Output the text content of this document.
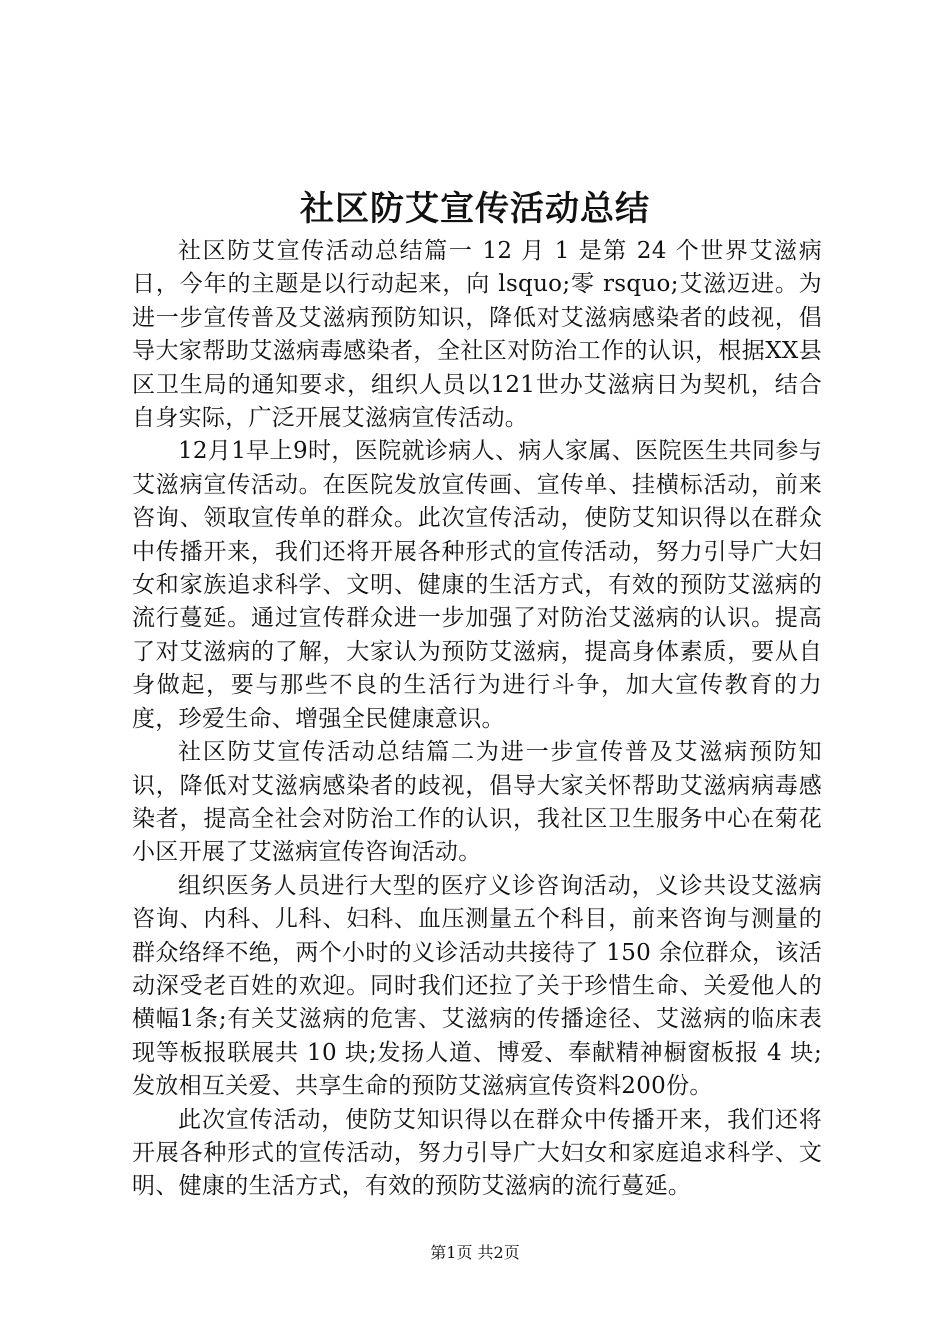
社区防艾宣传活动总结

社区防艾宣传活动总结篇一 12 月 1 是第 24 个世界艾滋病日，今年的主题是以行动起来，向 lsquo;零 rsquo;艾滋迈进。为进一步宣传普及艾滋病预防知识，降低对艾滋病感染者的歧视，倡导大家帮助艾滋病毒感染者，全社区对防治工作的认识，根据XX县区卫生局的通知要求，组织人员以121世办艾滋病日为契机，结合自身实际，广泛开展艾滋病宣传活动。

12月1早上9时，医院就诊病人、病人家属、医院医生共同参与艾滋病宣传活动。在医院发放宣传画、宣传单、挂横标活动，前来咨询、领取宣传单的群众。此次宣传活动，使防艾知识得以在群众中传播开来，我们还将开展各种形式的宣传活动，努力引导广大妇女和家族追求科学、文明、健康的生活方式，有效的预防艾滋病的流行蔓延。通过宣传群众进一步加强了对防治艾滋病的认识。提高了对艾滋病的了解，大家认为预防艾滋病，提高身体素质，要从自身做起，要与那些不良的生活行为进行斗争，加大宣传教育的力度，珍爱生命、增强全民健康意识。

社区防艾宣传活动总结篇二为进一步宣传普及艾滋病预防知识，降低对艾滋病感染者的歧视，倡导大家关怀帮助艾滋病病毒感染者，提高全社会对防治工作的认识，我社区卫生服务中心在菊花小区开展了艾滋病宣传咨询活动。

组织医务人员进行大型的医疗义诊咨询活动，义诊共设艾滋病咨询、内科、儿科、妇科、血压测量五个科目，前来咨询与测量的群众络绎不绝，两个小时的义诊活动共接待了 150 余位群众，该活动深受老百姓的欢迎。同时我们还拉了关于珍惜生命、关爱他人的横幅1条;有关艾滋病的危害、艾滋病的传播途径、艾滋病的临床表现等板报联展共 10 块;发扬人道、博爱、奉献精神橱窗板报 4 块;发放相互关爱、共享生命的预防艾滋病宣传资料200份。

此次宣传活动，使防艾知识得以在群众中传播开来，我们还将开展各种形式的宣传活动，努力引导广大妇女和家庭追求科学、文明、健康的生活方式，有效的预防艾滋病的流行蔓延。

第1页 共2页
